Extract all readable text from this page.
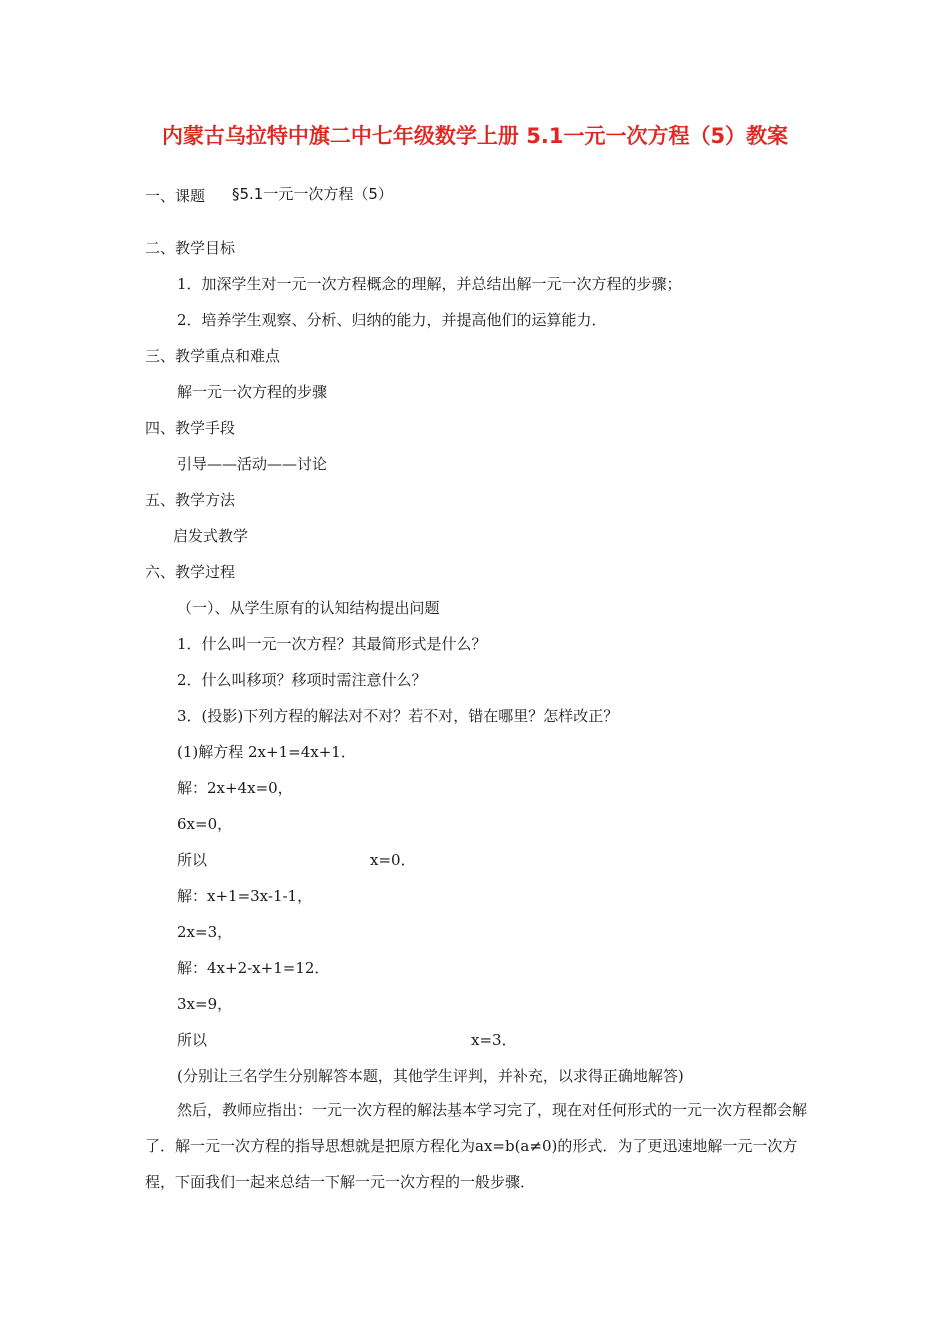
内蒙古乌拉特中旗二中七年级数学上册 5.1一元一次方程（5）教案
一、课题 §5.1一元一次方程（5）
二、教学目标
1．加深学生对一元一次方程概念的理解，并总结出解一元一次方程的步骤；
2．培养学生观察、分析、归纳的能力，并提高他们的运算能力．
三、教学重点和难点
解一元一次方程的步骤
四、教学手段
引导——活动——讨论
五、教学方法
启发式教学
六、教学过程
（一）、从学生原有的认知结构提出问题
1．什么叫一元一次方程？其最简形式是什么？
2．什么叫移项？移项时需注意什么？
3．(投影)下列方程的解法对不对？若不对，错在哪里？怎样改正？
(1)解方程 2x+1=4x+1．
解：2x+4x=0，
6x=0，
所以	x=0．
解：x+1=3x-1-1，
2x=3，
解：4x+2-x+1=12．
3x=9，
所以	x=3．
(分别让三名学生分别解答本题，其他学生评判，并补充，以求得正确地解答)
然后，教师应指出：一元一次方程的解法基本学习完了，现在对任何形式的一元一次方程都会解了．解一元一次方程的指导思想就是把原方程化为ax=b(a≠0)的形式．为了更迅速地解一元一次方程，下面我们一起来总结一下解一元一次方程的一般步骤．
